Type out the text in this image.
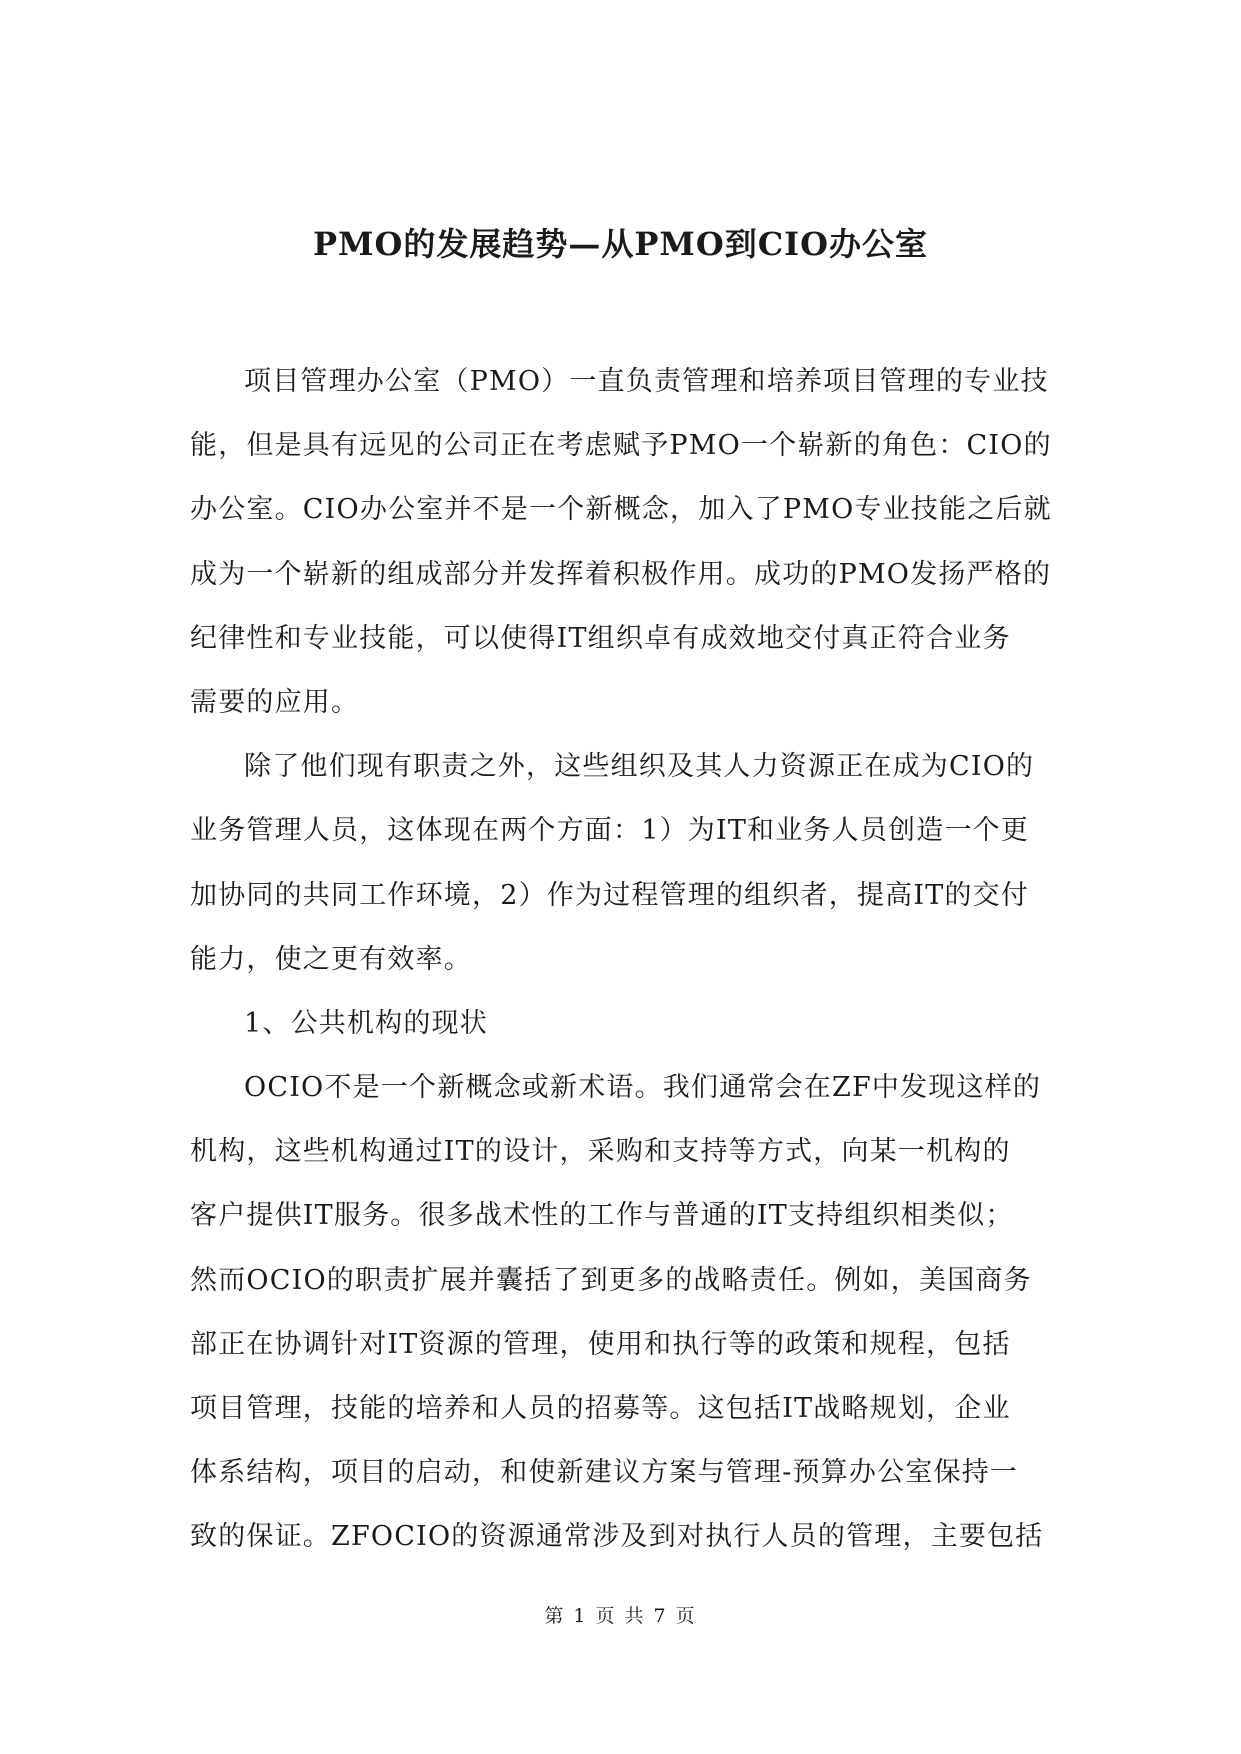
PMO的发展趋势—从PMO到CIO办公室
项目管理办公室（PMO）一直负责管理和培养项目管理的专业技
能，但是具有远见的公司正在考虑赋予PMO一个崭新的角色：CIO的
办公室。CIO办公室并不是一个新概念，加入了PMO专业技能之后就
成为一个崭新的组成部分并发挥着积极作用。成功的PMO发扬严格的
纪律性和专业技能，可以使得IT组织卓有成效地交付真正符合业务
需要的应用。
除了他们现有职责之外，这些组织及其人力资源正在成为CIO的
业务管理人员，这体现在两个方面：1）为IT和业务人员创造一个更
加协同的共同工作环境，2）作为过程管理的组织者，提高IT的交付
能力，使之更有效率。
1、公共机构的现状
OCIO不是一个新概念或新术语。我们通常会在ZF中发现这样的
机构，这些机构通过IT的设计，采购和支持等方式，向某一机构的
客户提供IT服务。很多战术性的工作与普通的IT支持组织相类似；
然而OCIO的职责扩展并囊括了到更多的战略责任。例如，美国商务
部正在协调针对IT资源的管理，使用和执行等的政策和规程，包括
项目管理，技能的培养和人员的招募等。这包括IT战略规划，企业
体系结构，项目的启动，和使新建议方案与管理-预算办公室保持一
致的保证。ZFOCIO的资源通常涉及到对执行人员的管理，主要包括
第 1 页 共 7 页
